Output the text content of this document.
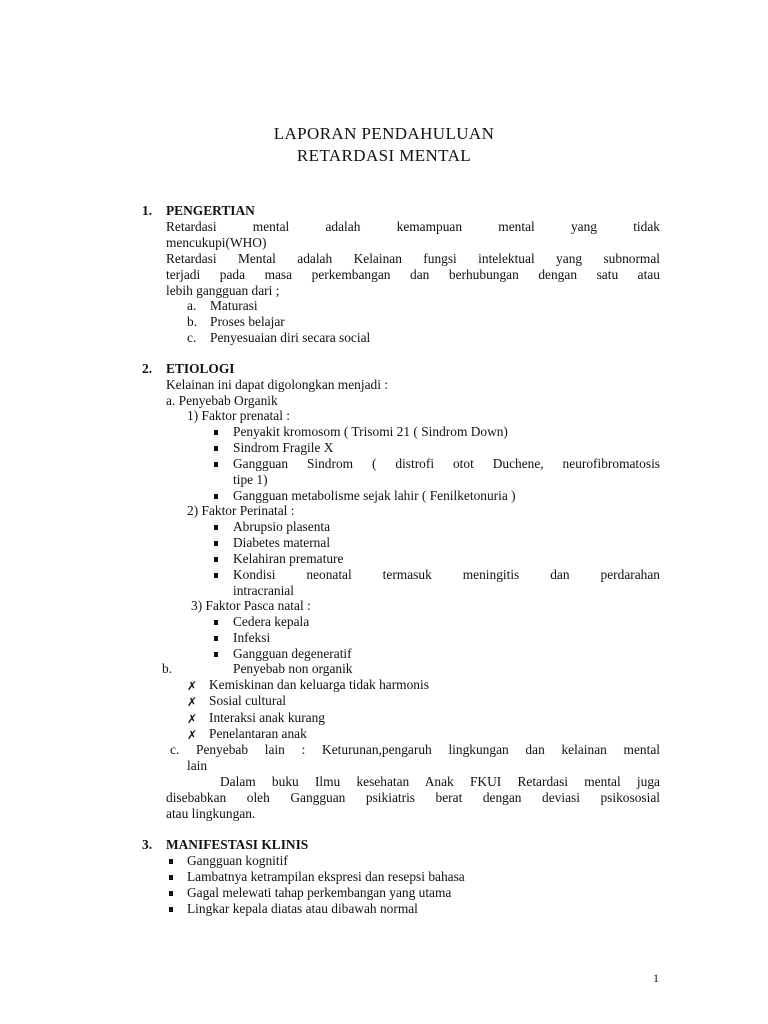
LAPORAN PENDAHULUAN
RETARDASI MENTAL
1. PENGERTIAN
Retardasi mental adalah kemampuan mental yang tidak
mencukupi(WHO)
Retardasi Mental adalah Kelainan fungsi intelektual yang subnormal
terjadi pada masa perkembangan dan berhubungan dengan satu atau
lebih gangguan dari ;
a. Maturasi
b. Proses belajar
c. Penyesuaian diri secara social
2. ETIOLOGI
Kelainan ini dapat digolongkan menjadi :
a. Penyebab Organik
1) Faktor prenatal :
Penyakit kromosom ( Trisomi 21 ( Sindrom Down)
Sindrom Fragile X
Gangguan Sindrom ( distrofi otot Duchene, neurofibromatosis
tipe 1)
Gangguan metabolisme sejak lahir ( Fenilketonuria )
2) Faktor Perinatal :
Abrupsio plasenta
Diabetes maternal
Kelahiran premature
Kondisi neonatal termasuk meningitis dan perdarahan
intracranial
3) Faktor Pasca natal :
Cedera kepala
Infeksi
Gangguan degeneratif
b.	Penyebab non organik
✗ Kemiskinan dan keluarga tidak harmonis
✗ Sosial cultural
✗ Interaksi anak kurang
✗ Penelantaran anak
c. Penyebab lain : Keturunan,pengaruh lingkungan dan kelainan mental
lain
Dalam buku Ilmu kesehatan Anak FKUI Retardasi mental juga
disebabkan oleh Gangguan psikiatris berat dengan deviasi psikososial
atau lingkungan.
3. MANIFESTASI KLINIS
Gangguan kognitif
Lambatnya ketrampilan ekspresi dan resepsi bahasa
Gagal melewati tahap perkembangan yang utama
Lingkar kepala diatas atau dibawah normal
1
